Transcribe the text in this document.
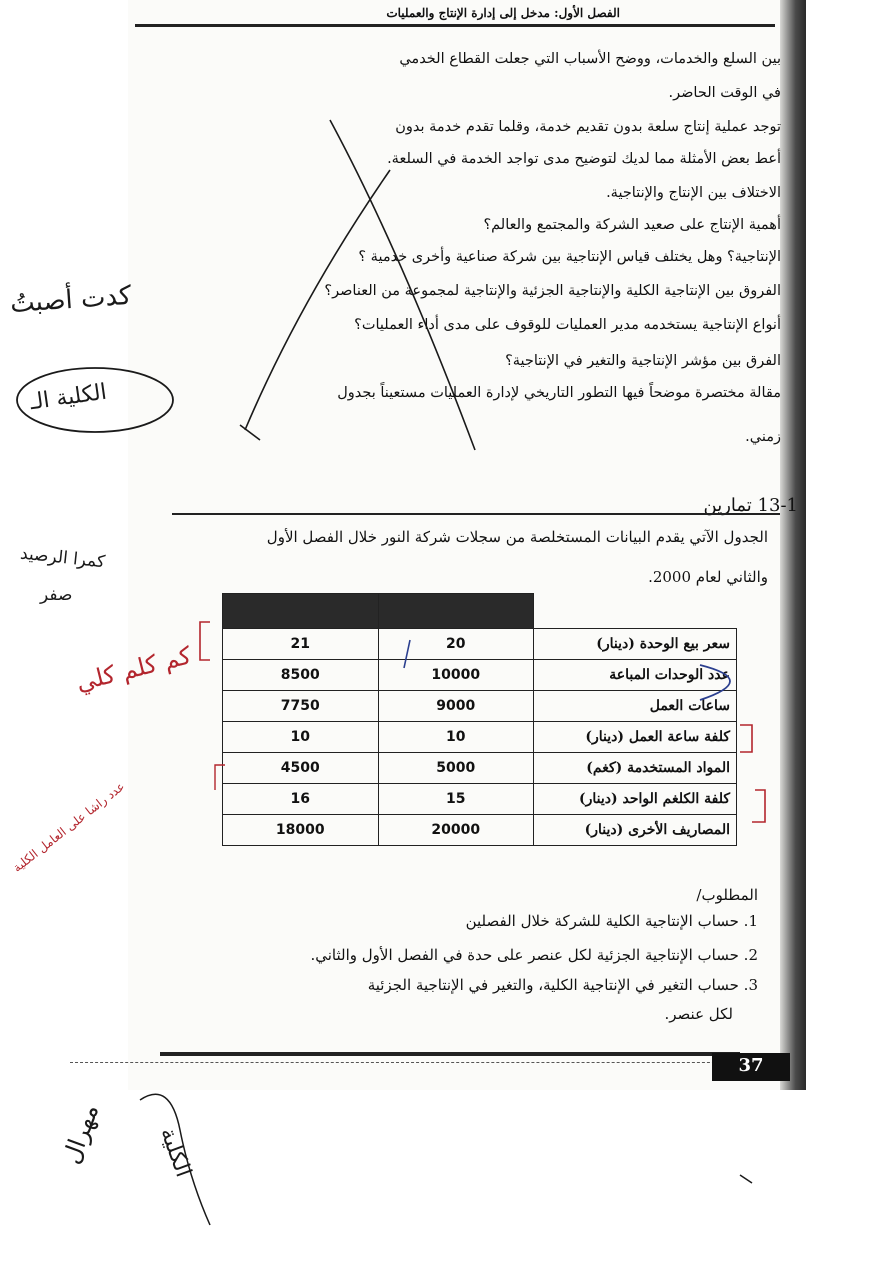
الفصل الأول: مدخل إلى إدارة الإنتاج والعمليات
بين السلع والخدمات، ووضح الأسباب التي جعلت القطاع الخدمي
في الوقت الحاضر.
توجد عملية إنتاج سلعة بدون تقديم خدمة، وقلما تقدم خدمة بدون
أعط بعض الأمثلة مما لديك لتوضيح مدى تواجد الخدمة في السلعة.
الاختلاف بين الإنتاج والإنتاجية.
أهمية الإنتاج على صعيد الشركة والمجتمع والعالم؟
الإنتاجية؟ وهل يختلف قياس الإنتاجية بين شركة صناعية وأخرى خدمية ؟
الفروق بين الإنتاجية الكلية والإنتاجية الجزئية والإنتاجية لمجموعة من العناصر؟
أنواع الإنتاجية يستخدمه مدير العمليات للوقوف على مدى أداء العمليات؟
الفرق بين مؤشر الإنتاجية والتغير في الإنتاجية؟
مقالة مختصرة موضحاً فيها التطور التاريخي لإدارة العمليات مستعيناً بجدول
زمني.
13-1 تمارين
الجدول الآتي يقدم البيانات المستخلصة من سجلات شركة النور خلال الفصل الأول
والثاني لعام 2000.

سعر بيع الوحدة (دينار)	20	21
عدد الوحدات المباعة	10000	8500
ساعات العمل	9000	7750
كلفة ساعة العمل (دينار)	10	10
المواد المستخدمة (كغم)	5000	4500
كلفة الكلغم الواحد (دينار)	15	16
المصاريف الأخرى (دينار)	20000	18000
المطلوب/
1. حساب الإنتاجية الكلية للشركة خلال الفصلين
2. حساب الإنتاجية الجزئية لكل عنصر على حدة في الفصل الأول والثاني.
3. حساب التغير في الإنتاجية الكلية، والتغير في الإنتاجية الجزئية
لكل عنصر.
37
كدت أصبتُ
الكلية الـ
كمرا الرصيد
صفر
كم كلم كلي
عدد راشا على العامل الكلية
مهرال الكلية
